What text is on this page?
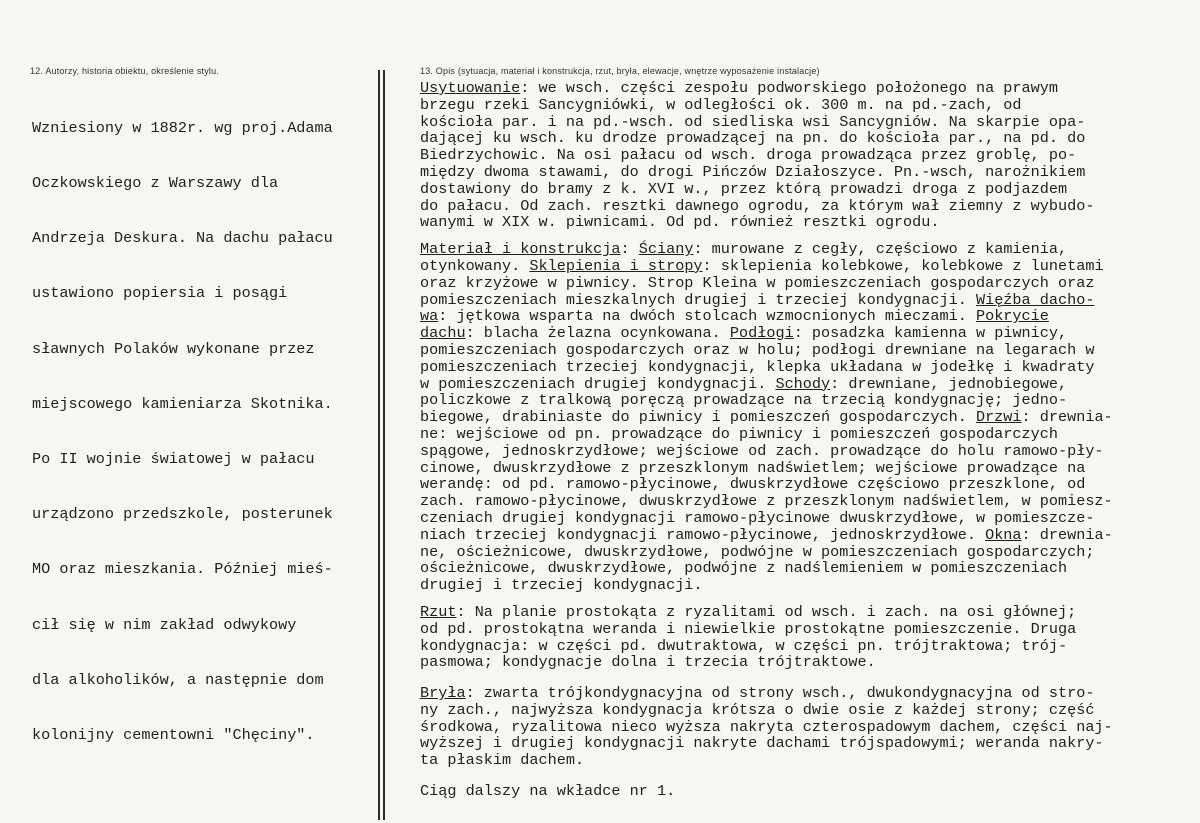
12. Autorzy, historia obiektu, określenie stylu.	13. Opis (sytuacja, materiał i konstrukcja, rzut, bryła, elewacje, wnętrze wyposażenie instalacje)

Wzniesiony w 1882r. wg proj.Adama

Oczkowskiego z Warszawy dla

Andrzeja Deskura. Na dachu pałacu

ustawiono popiersia i posągi

sławnych Polaków wykonane przez

miejscowego kamieniarza Skotnika.

Po II wojnie światowej w pałacu

urządzono przedszkole, posterunek

MO oraz mieszkania. Później mieś-

cił się w nim zakład odwykowy

dla alkoholików, a następnie dom

kolonijny cementowni "Chęciny".

Usytuowanie: we wsch. części zespołu podworskiego położonego na prawym
brzegu rzeki Sancygniówki, w odległości ok. 300 m. na pd.-zach, od
kościoła par. i na pd.-wsch. od siedliska wsi Sancygniów. Na skarpie opa-
dającej ku wsch. ku drodze prowadzącej na pn. do kościoła par., na pd. do
Biedrzychowic. Na osi pałacu od wsch. droga prowadząca przez groblę, po-
między dwoma stawami, do drogi Pińczów Działoszyce. Pn.-wsch, narożnikiem
dostawiony do bramy z k. XVI w., przez którą prowadzi droga z podjazdem
do pałacu. Od zach. resztki dawnego ogrodu, za którym wał ziemny z wybudo-
wanymi w XIX w. piwnicami. Od pd. również resztki ogrodu.
Materiał i konstrukcja: Ściany: murowane z cegły, częściowo z kamienia,
otynkowany. Sklepienia i stropy: sklepienia kolebkowe, kolebkowe z lunetami
oraz krzyżowe w piwnicy. Strop Kleina w pomieszczeniach gospodarczych oraz
pomieszczeniach mieszkalnych drugiej i trzeciej kondygnacji. Więźba dacho-
wa: jętkowa wsparta na dwóch stolcach wzmocnionych mieczami. Pokrycie
dachu: blacha żelazna ocynkowana. Podłogi: posadzka kamienna w piwnicy,
pomieszczeniach gospodarczych oraz w holu; podłogi drewniane na legarach w
pomieszczeniach trzeciej kondygnacji, klepka układana w jodełkę i kwadraty
w pomieszczeniach drugiej kondygnacji. Schody: drewniane, jednobiegowe,
policzkowe z tralkową poręczą prowadzące na trzecią kondygnację; jedno-
biegowe, drabiniaste do piwnicy i pomieszczeń gospodarczych. Drzwi: drewnia-
ne: wejściowe od pn. prowadzące do piwnicy i pomieszczeń gospodarczych
spągowe, jednoskrzydłowe; wejściowe od zach. prowadzące do holu ramowo-pły-
cinowe, dwuskrzydłowe z przeszklonym nadświetlem; wejściowe prowadzące na
werandę: od pd. ramowo-płycinowe, dwuskrzydłowe częściowo przeszklone, od
zach. ramowo-płycinowe, dwuskrzydłowe z przeszklonym nadświetlem, w pomiesz-
czeniach drugiej kondygnacji ramowo-płycinowe dwuskrzydłowe, w pomieszcze-
niach trzeciej kondygnacji ramowo-płycinowe, jednoskrzydłowe. Okna: drewnia-
ne, ościeżnicowe, dwuskrzydłowe, podwójne w pomieszczeniach gospodarczych;
ościeżnicowe, dwuskrzydłowe, podwójne z nadślemieniem w pomieszczeniach
drugiej i trzeciej kondygnacji.
Rzut: Na planie prostokąta z ryzalitami od wsch. i zach. na osi głównej;
od pd. prostokątna weranda i niewielkie prostokątne pomieszczenie. Druga
kondygnacja: w części pd. dwutraktowa, w części pn. trójtraktowa; trój-
pasmowa; kondygnacje dolna i trzecia trójtraktowe.
Bryła: zwarta trójkondygnacyjna od strony wsch., dwukondygnacyjna od stro-
ny zach., najwyższa kondygnacja krótsza o dwie osie z każdej strony; część
środkowa, ryzalitowa nieco wyższa nakryta czterospadowym dachem, części naj-
wyższej i drugiej kondygnacji nakryte dachami trójspadowymi; weranda nakry-
ta płaskim dachem.
Ciąg dalszy na wkładce nr 1.
